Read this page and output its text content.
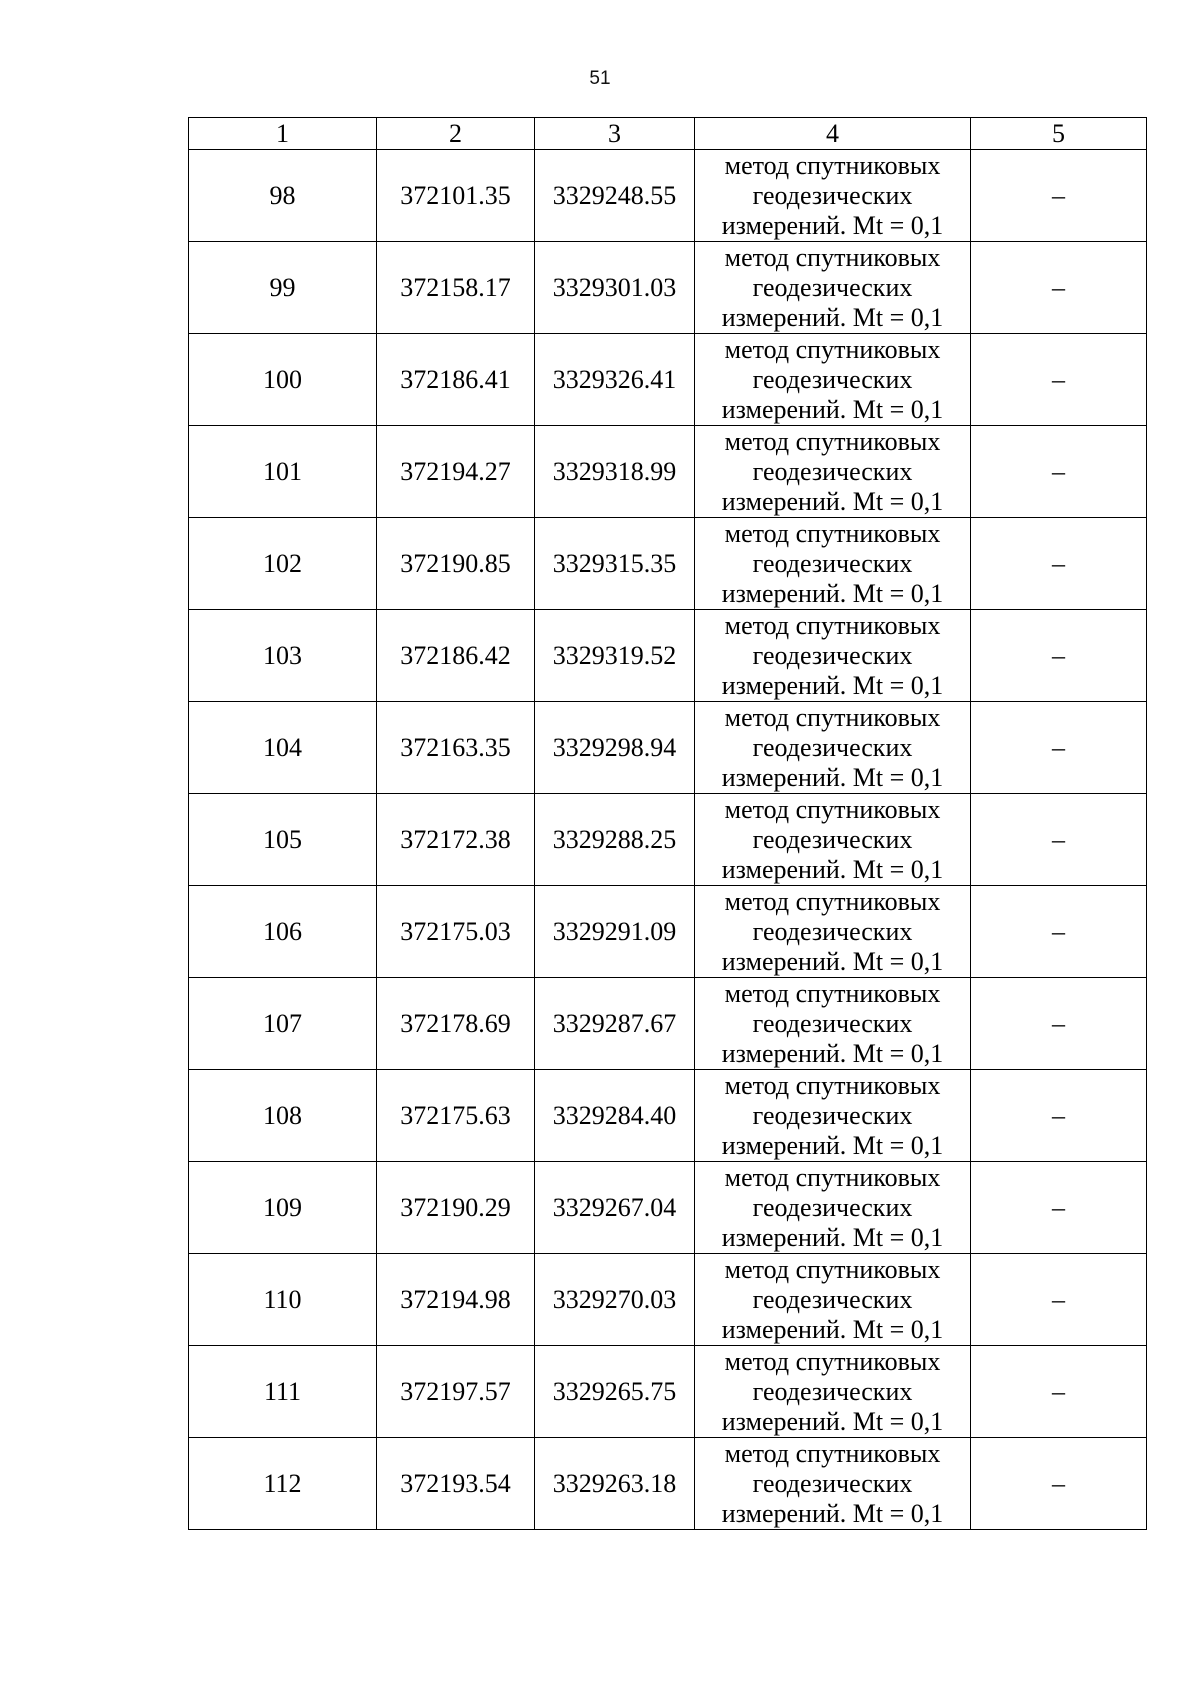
51
1	2	3	4	5
98	372101.35	3329248.55	метод спутниковых
геодезических
измерений. Mt = 0,1	–
99	372158.17	3329301.03	метод спутниковых
геодезических
измерений. Mt = 0,1	–
100	372186.41	3329326.41	метод спутниковых
геодезических
измерений. Mt = 0,1	–
101	372194.27	3329318.99	метод спутниковых
геодезических
измерений. Mt = 0,1	–
102	372190.85	3329315.35	метод спутниковых
геодезических
измерений. Mt = 0,1	–
103	372186.42	3329319.52	метод спутниковых
геодезических
измерений. Mt = 0,1	–
104	372163.35	3329298.94	метод спутниковых
геодезических
измерений. Mt = 0,1	–
105	372172.38	3329288.25	метод спутниковых
геодезических
измерений. Mt = 0,1	–
106	372175.03	3329291.09	метод спутниковых
геодезических
измерений. Mt = 0,1	–
107	372178.69	3329287.67	метод спутниковых
геодезических
измерений. Mt = 0,1	–
108	372175.63	3329284.40	метод спутниковых
геодезических
измерений. Mt = 0,1	–
109	372190.29	3329267.04	метод спутниковых
геодезических
измерений. Mt = 0,1	–
110	372194.98	3329270.03	метод спутниковых
геодезических
измерений. Mt = 0,1	–
111	372197.57	3329265.75	метод спутниковых
геодезических
измерений. Mt = 0,1	–
112	372193.54	3329263.18	метод спутниковых
геодезических
измерений. Mt = 0,1	–
